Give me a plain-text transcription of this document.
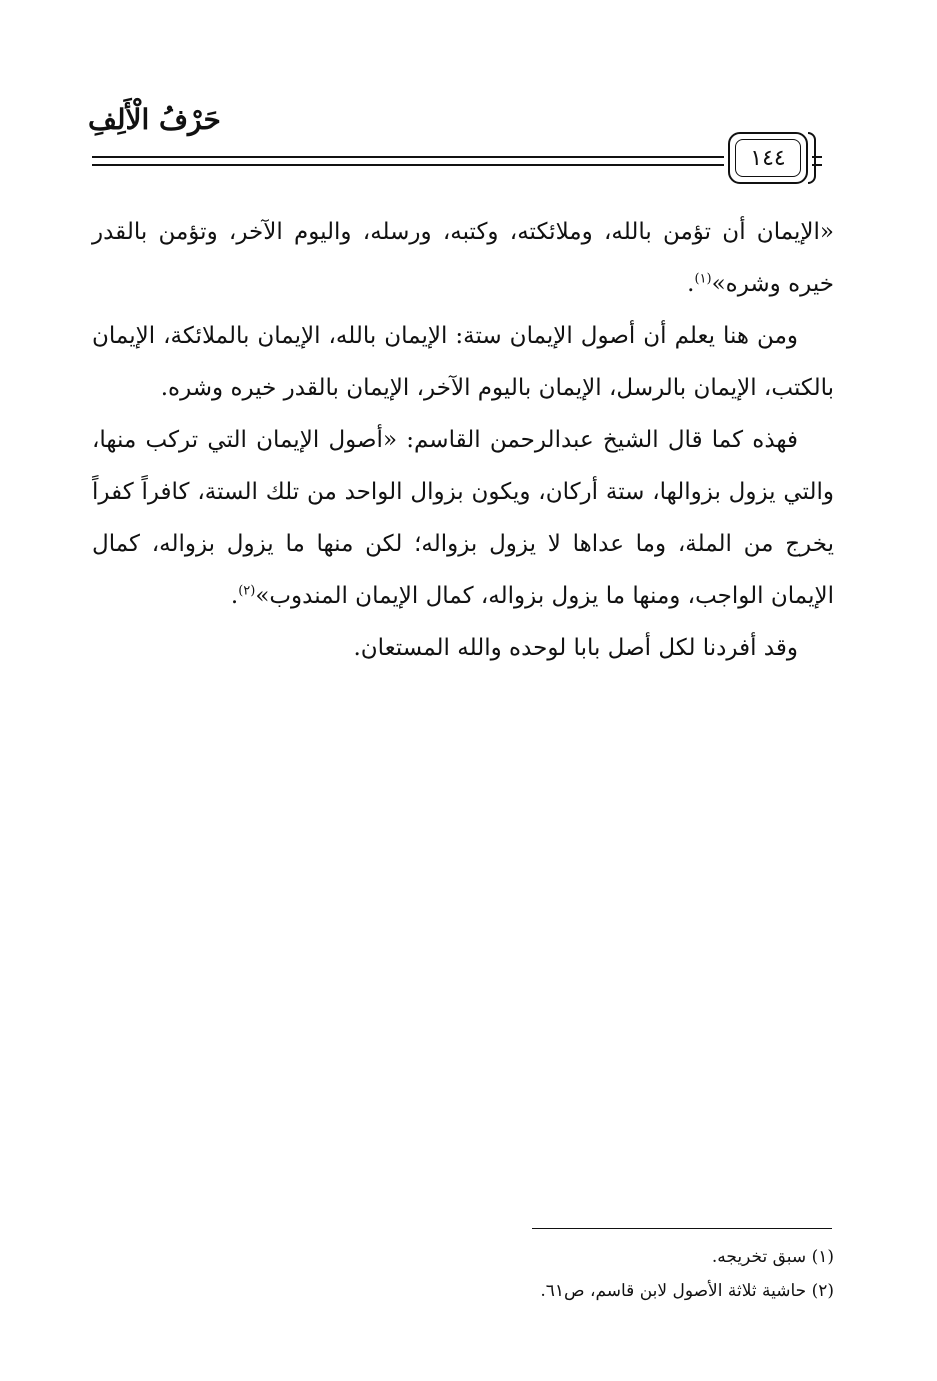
حَرْفُ الْأَلِفِ
١٤٤

«الإيمان أن تؤمن بالله، وملائكته، وكتبه، ورسله، واليوم الآخر، وتؤمن بالقدر خيره وشره»$^{(١)}$.

ومن هنا يعلم أن أصول الإيمان ستة: الإيمان بالله، الإيمان بالملائكة، الإيمان بالكتب، الإيمان بالرسل، الإيمان باليوم الآخر، الإيمان بالقدر خيره وشره.

فهذه كما قال الشيخ عبدالرحمن القاسم: «أصول الإيمان التي تركب منها، والتي يزول بزوالها، ستة أركان، ويكون بزوال الواحد من تلك الستة، كافراً كفراً يخرج من الملة، وما عداها لا يزول بزواله؛ لكن منها ما يزول بزواله، كمال الإيمان الواجب، ومنها ما يزول بزواله، كمال الإيمان المندوب»$^{(٢)}$.

وقد أفردنا لكل أصل بابا لوحده والله المستعان.

(١) سبق تخريجه.
(٢) حاشية ثلاثة الأصول لابن قاسم، ص٦١.
